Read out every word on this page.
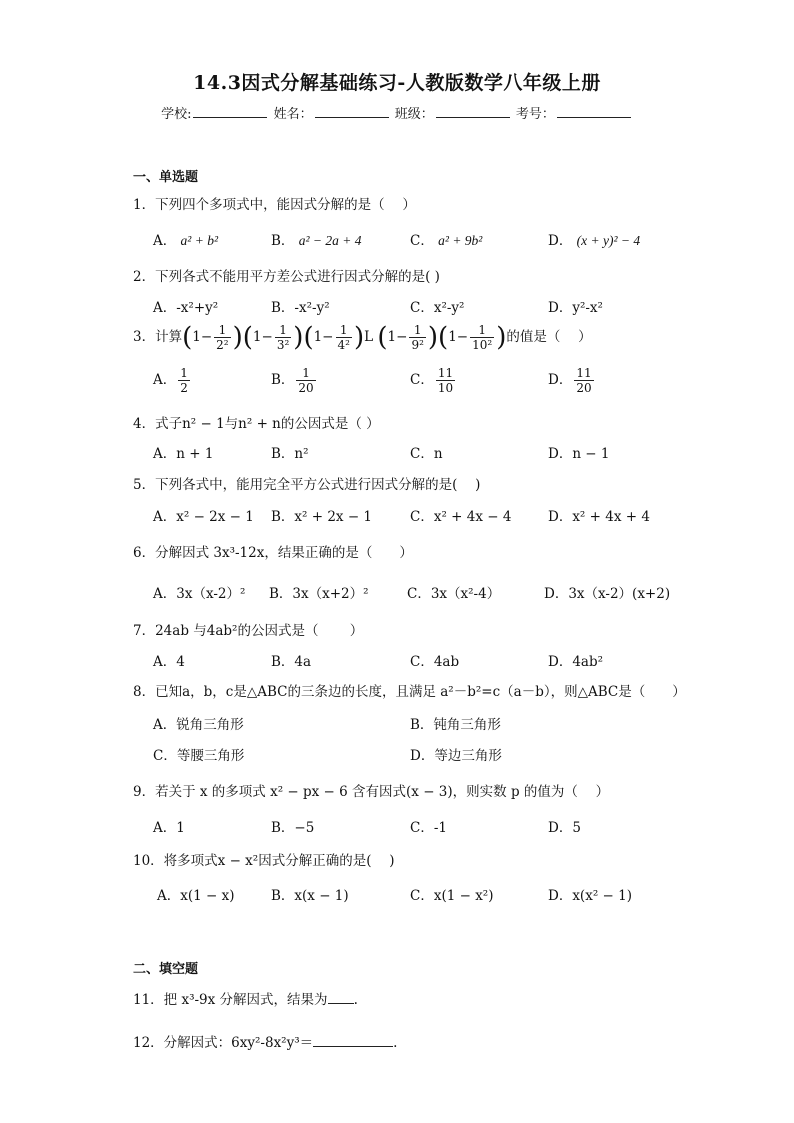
14.3因式分解基础练习-人教版数学八年级上册
学校:	姓名：	班级：	考号：
一、单选题
1．下列四个多项式中，能因式分解的是（　 ）
A． a² + b²	B． a² − 2a + 4	C． a² + 9b²	D． (x + y)² − 4
2．下列各式不能用平方差公式进行因式分解的是( )
A．-x²+y²	B．-x²-y²	C．x²-y²	D．y²-x²
3．计算$(1- \frac{1}{\text{2²}} )(1- \frac{1}{\text{3²}} )(1- \frac{1}{\text{4²}} )L$ $(1- \frac{1}{\text{9²}} )(1- \frac{1}{\text{10²}}$ )的值是（　 ）
A． $\frac{1}{2}$	B． $\frac{1}{20}$	C． $\frac{11}{10}$	D． $\frac{11}{20}$
4．式子n² − 1与n² + n的公因式是（ ）
A．n + 1	B．n²	C．n	D．n − 1
5．下列各式中，能用完全平方公式进行因式分解的是(　 )
A．x² − 2x − 1 B．x² + 2x − 1	C．x² + 4x − 4	D．x² + 4x + 4
6．分解因式 3x³-12x，结果正确的是（　　）
A．3x（x-2）² B．3x（x+2）²	C．3x（x²-4）	D．3x（x-2）(x+2)
7．24ab 与4ab²的公因式是（　　 ）
A．4	B．4a	C．4ab	D．4ab²
8．已知a，b，c是△ABC的三条边的长度，且满足 a²－b²=c（a－b），则△ABC是（　　）
A．锐角三角形	B．钝角三角形
C．等腰三角形	D．等边三角形
9．若关于 x 的多项式 x² − px − 6 含有因式(x − 3)，则实数 p 的值为（　 ）
A．1	B．−5	C．-1	D．5
10．将多项式x − x²因式分解正确的是(　 )
A．x(1 − x)	B．x(x − 1)	C．x(1 − x²)	D．x(x² − 1)
二、填空题
11．把 x³-9x 分解因式，结果为 .
12．分解因式：6xy²-8x²y³＝	.
